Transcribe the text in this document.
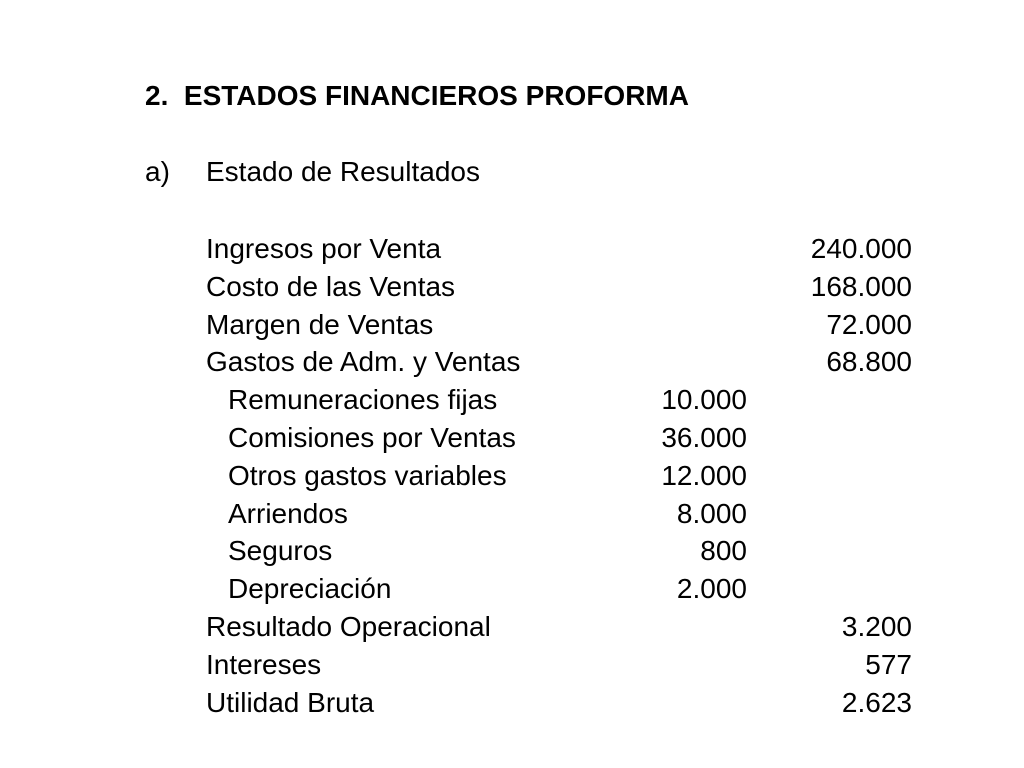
2.  ESTADOS FINANCIEROS PROFORMA
a) Estado de Resultados
Ingresos por Venta	240.000
Costo de las Ventas	168.000
Margen de Ventas	72.000
Gastos de Adm. y Ventas	68.800
Remuneraciones fijas	10.000
Comisiones por Ventas	36.000
Otros gastos variables	12.000
Arriendos	8.000
Seguros	800
Depreciación	2.000
Resultado Operacional	3.200
Intereses	577
Utilidad Bruta	2.623
